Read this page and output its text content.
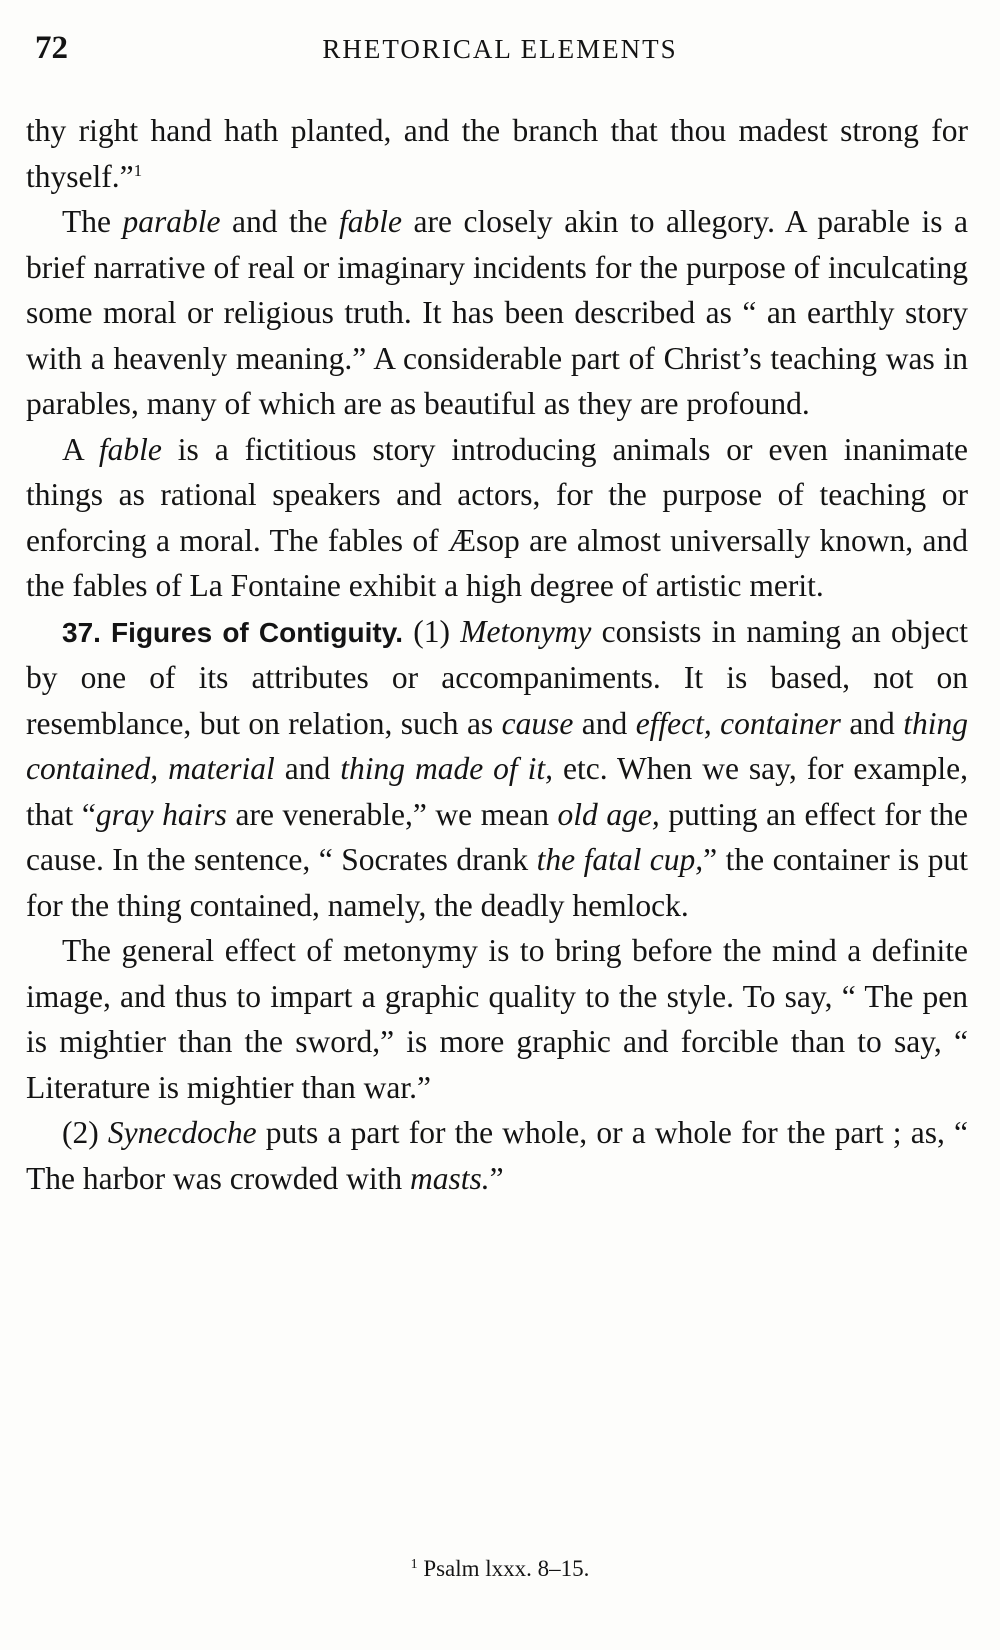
72	RHETORICAL ELEMENTS

thy right hand hath planted, and the branch that thou madest strong for thyself.”$^1$

The parable and the fable are closely akin to allegory. A parable is a brief narrative of real or imaginary incidents for the purpose of inculcating some moral or religious truth. It has been described as “ an earthly story with a heavenly meaning.” A considerable part of Christ’s teaching was in parables, many of which are as beautiful as they are profound.

A fable is a fictitious story introducing animals or even inanimate things as rational speakers and actors, for the purpose of teaching or enforcing a moral. The fables of Æsop are almost universally known, and the fables of La Fontaine exhibit a high degree of artistic merit.

37. Figures of Contiguity. (1) Metonymy consists in naming an object by one of its attributes or accompaniments. It is based, not on resemblance, but on relation, such as cause and effect, container and thing contained, material and thing made of it, etc. When we say, for example, that “gray hairs are venerable,” we mean old age, putting an effect for the cause. In the sentence, “ Socrates drank the fatal cup,” the container is put for the thing contained, namely, the deadly hemlock.

The general effect of metonymy is to bring before the mind a definite image, and thus to impart a graphic quality to the style. To say, “ The pen is mightier than the sword,” is more graphic and forcible than to say, “ Literature is mightier than war.”

(2) Synecdoche puts a part for the whole, or a whole for the part ; as, “ The harbor was crowded with masts.”

$^1$ Psalm lxxx. 8–15.
